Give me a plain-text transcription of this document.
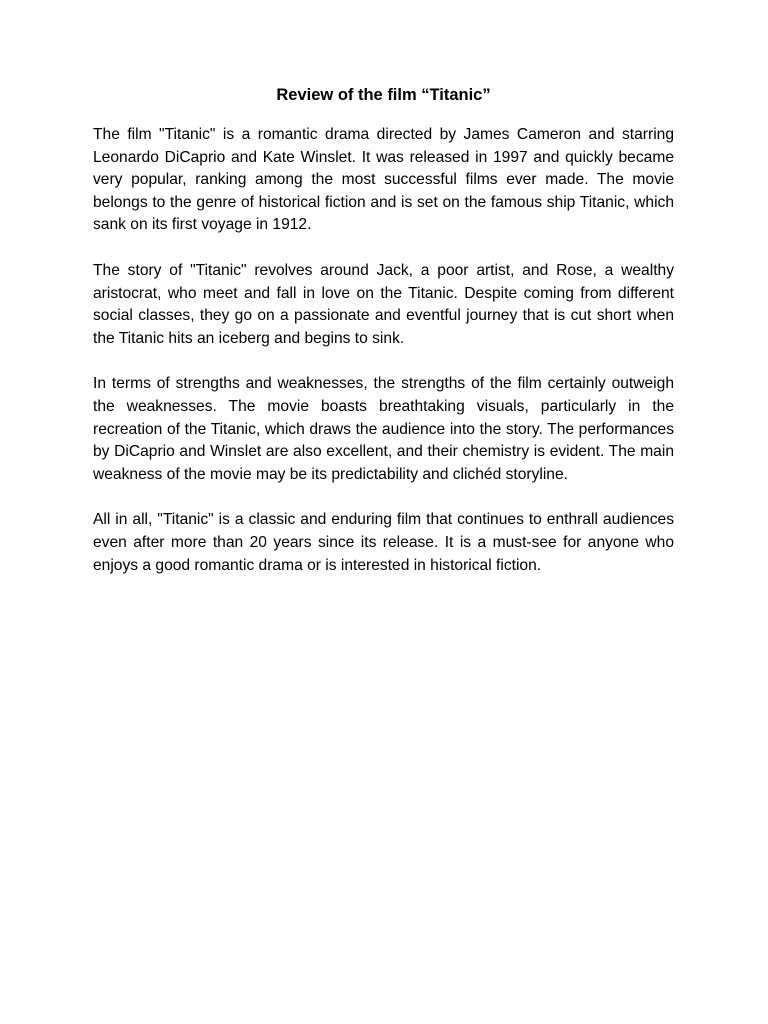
Review of the film “Titanic”

The film "Titanic" is a romantic drama directed by James Cameron and starring Leonardo DiCaprio and Kate Winslet. It was released in 1997 and quickly became very popular, ranking among the most successful films ever made. The movie belongs to the genre of historical fiction and is set on the famous ship Titanic, which sank on its first voyage in 1912.

The story of "Titanic" revolves around Jack, a poor artist, and Rose, a wealthy aristocrat, who meet and fall in love on the Titanic. Despite coming from different social classes, they go on a passionate and eventful journey that is cut short when the Titanic hits an iceberg and begins to sink.

In terms of strengths and weaknesses, the strengths of the film certainly outweigh the weaknesses. The movie boasts breathtaking visuals, particularly in the recreation of the Titanic, which draws the audience into the story. The performances by DiCaprio and Winslet are also excellent, and their chemistry is evident. The main weakness of the movie may be its predictability and clichéd storyline.

All in all, "Titanic" is a classic and enduring film that continues to enthrall audiences even after more than 20 years since its release. It is a must-see for anyone who enjoys a good romantic drama or is interested in historical fiction.
